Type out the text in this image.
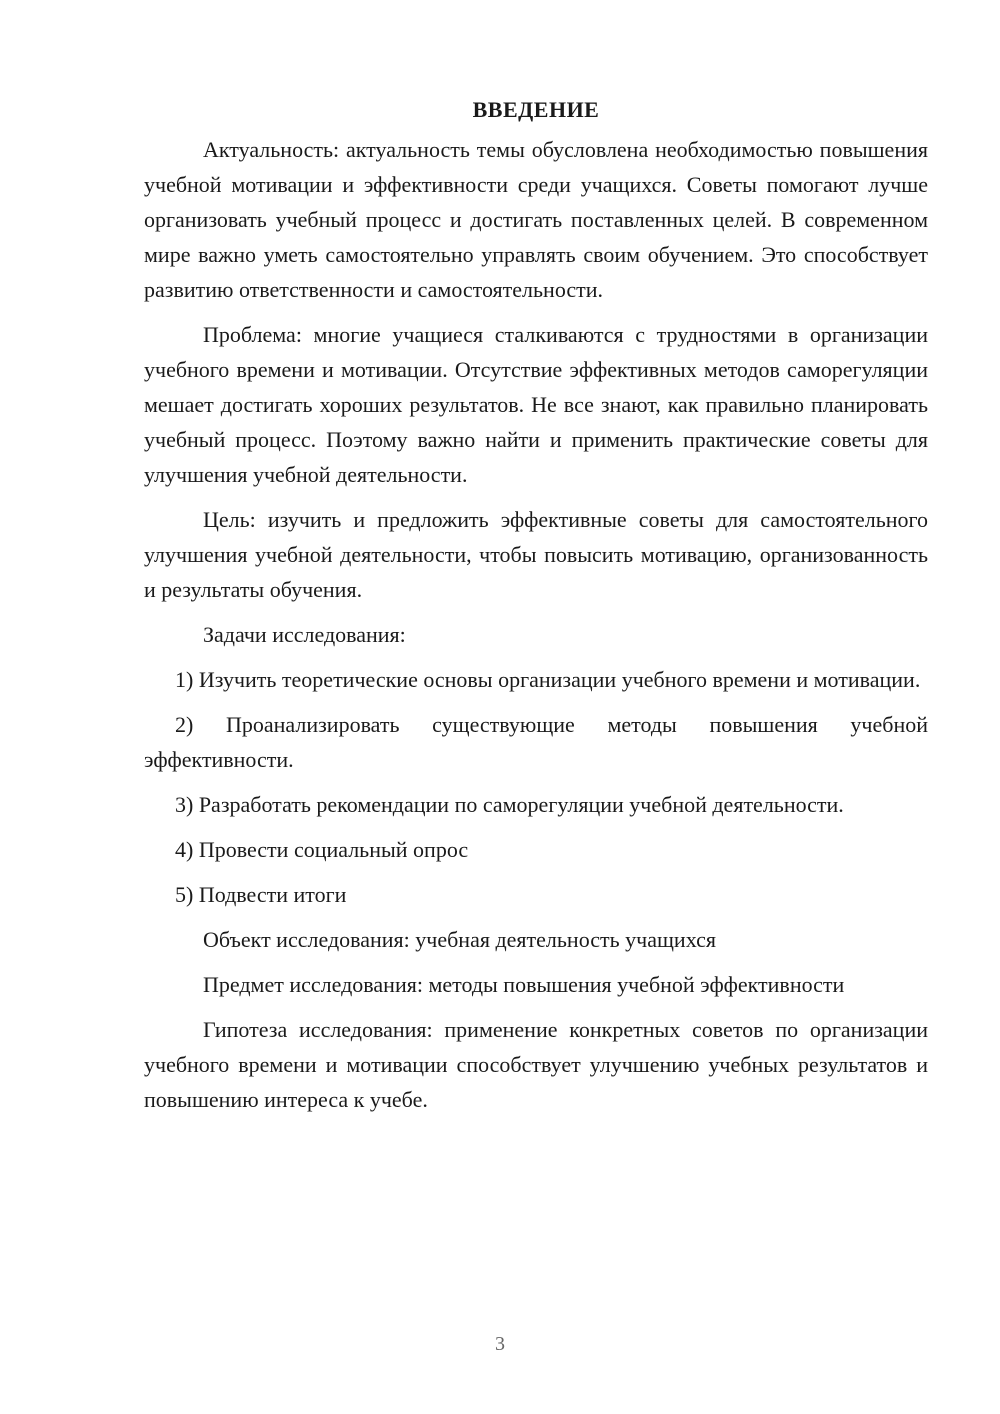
ВВЕДЕНИЕ

Актуальность: актуальность темы обусловлена необходимостью повышения учебной мотивации и эффективности среди учащихся. Советы помогают лучше организовать учебный процесс и достигать поставленных целей. В современном мире важно уметь самостоятельно управлять своим обучением. Это способствует развитию ответственности и самостоятельности.

Проблема: многие учащиеся сталкиваются с трудностями в организации учебного времени и мотивации. Отсутствие эффективных методов саморегуляции мешает достигать хороших результатов. Не все знают, как правильно планировать учебный процесс. Поэтому важно найти и применить практические советы для улучшения учебной деятельности.

Цель: изучить и предложить эффективные советы для самостоятельного улучшения учебной деятельности, чтобы повысить мотивацию, организованность и результаты обучения.

Задачи исследования:

1) Изучить теоретические основы организации учебного времени и мотивации.

2) Проанализировать существующие методы повышения учебной эффективности.

3) Разработать рекомендации по саморегуляции учебной деятельности.

4) Провести социальный опрос

5) Подвести итоги

Объект исследования: учебная деятельность учащихся

Предмет исследования: методы повышения учебной эффективности

Гипотеза исследования: применение конкретных советов по организации учебного времени и мотивации способствует улучшению учебных результатов и повышению интереса к учебе.

3
